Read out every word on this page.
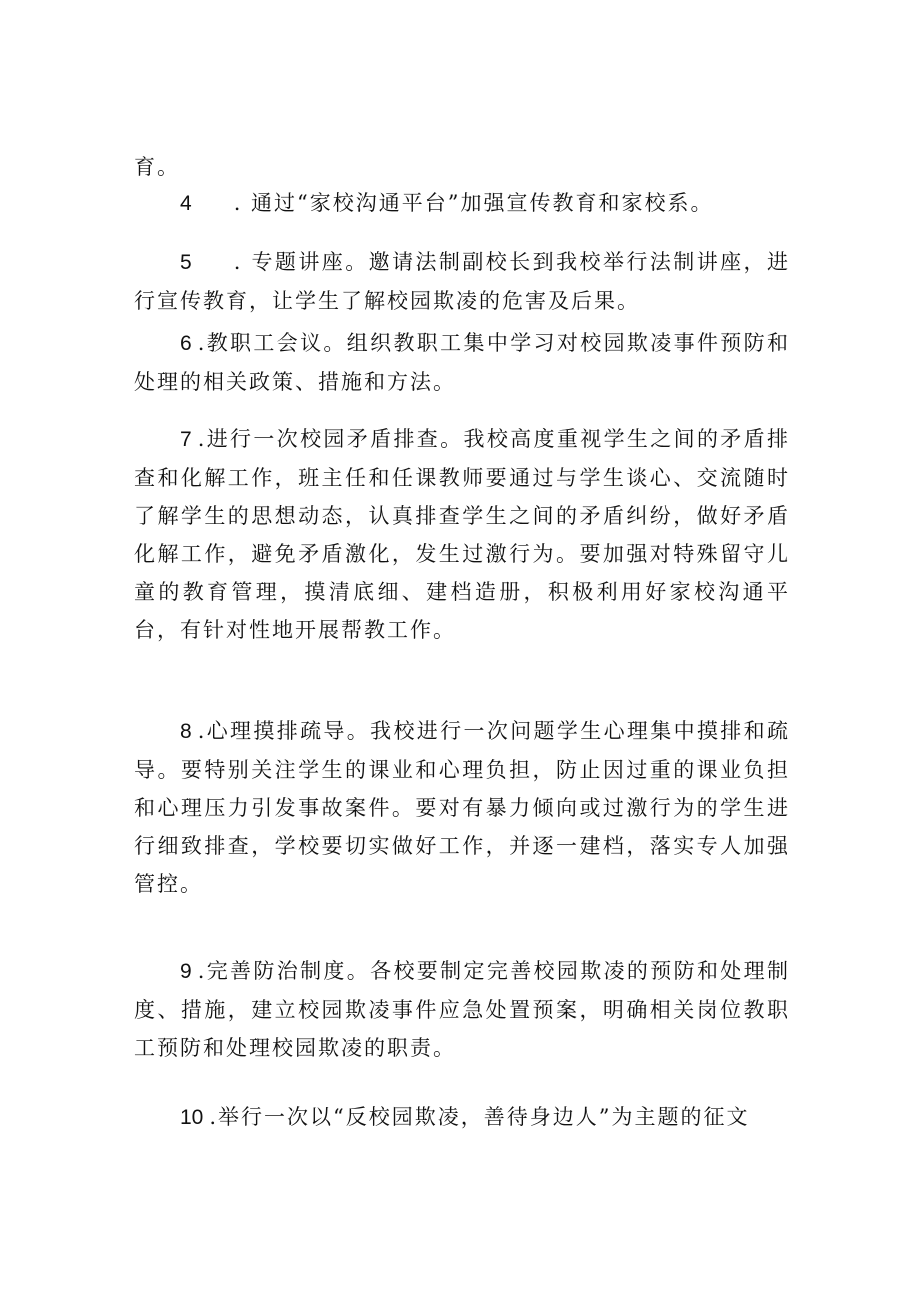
育。

4 . 通过“家校沟通平台”加强宣传教育和家校系。

5 . 专题讲座。邀请法制副校长到我校举行法制讲座，进行宣传教育，让学生了解校园欺凌的危害及后果。

6 .教职工会议。组织教职工集中学习对校园欺凌事件预防和处理的相关政策、措施和方法。

7 .进行一次校园矛盾排查。我校高度重视学生之间的矛盾排查和化解工作，班主任和任课教师要通过与学生谈心、交流随时了解学生的思想动态，认真排查学生之间的矛盾纠纷，做好矛盾化解工作，避免矛盾激化，发生过激行为。要加强对特殊留守儿童的教育管理，摸清底细、建档造册，积极利用好家校沟通平台，有针对性地开展帮教工作。

8 .心理摸排疏导。我校进行一次问题学生心理集中摸排和疏导。要特别关注学生的课业和心理负担，防止因过重的课业负担和心理压力引发事故案件。要对有暴力倾向或过激行为的学生进行细致排查，学校要切实做好工作，并逐一建档，落实专人加强管控。

9 .完善防治制度。各校要制定完善校园欺凌的预防和处理制度、措施，建立校园欺凌事件应急处置预案，明确相关岗位教职工预防和处理校园欺凌的职责。

10 .举行一次以“反校园欺凌，善待身边人”为主题的征文
